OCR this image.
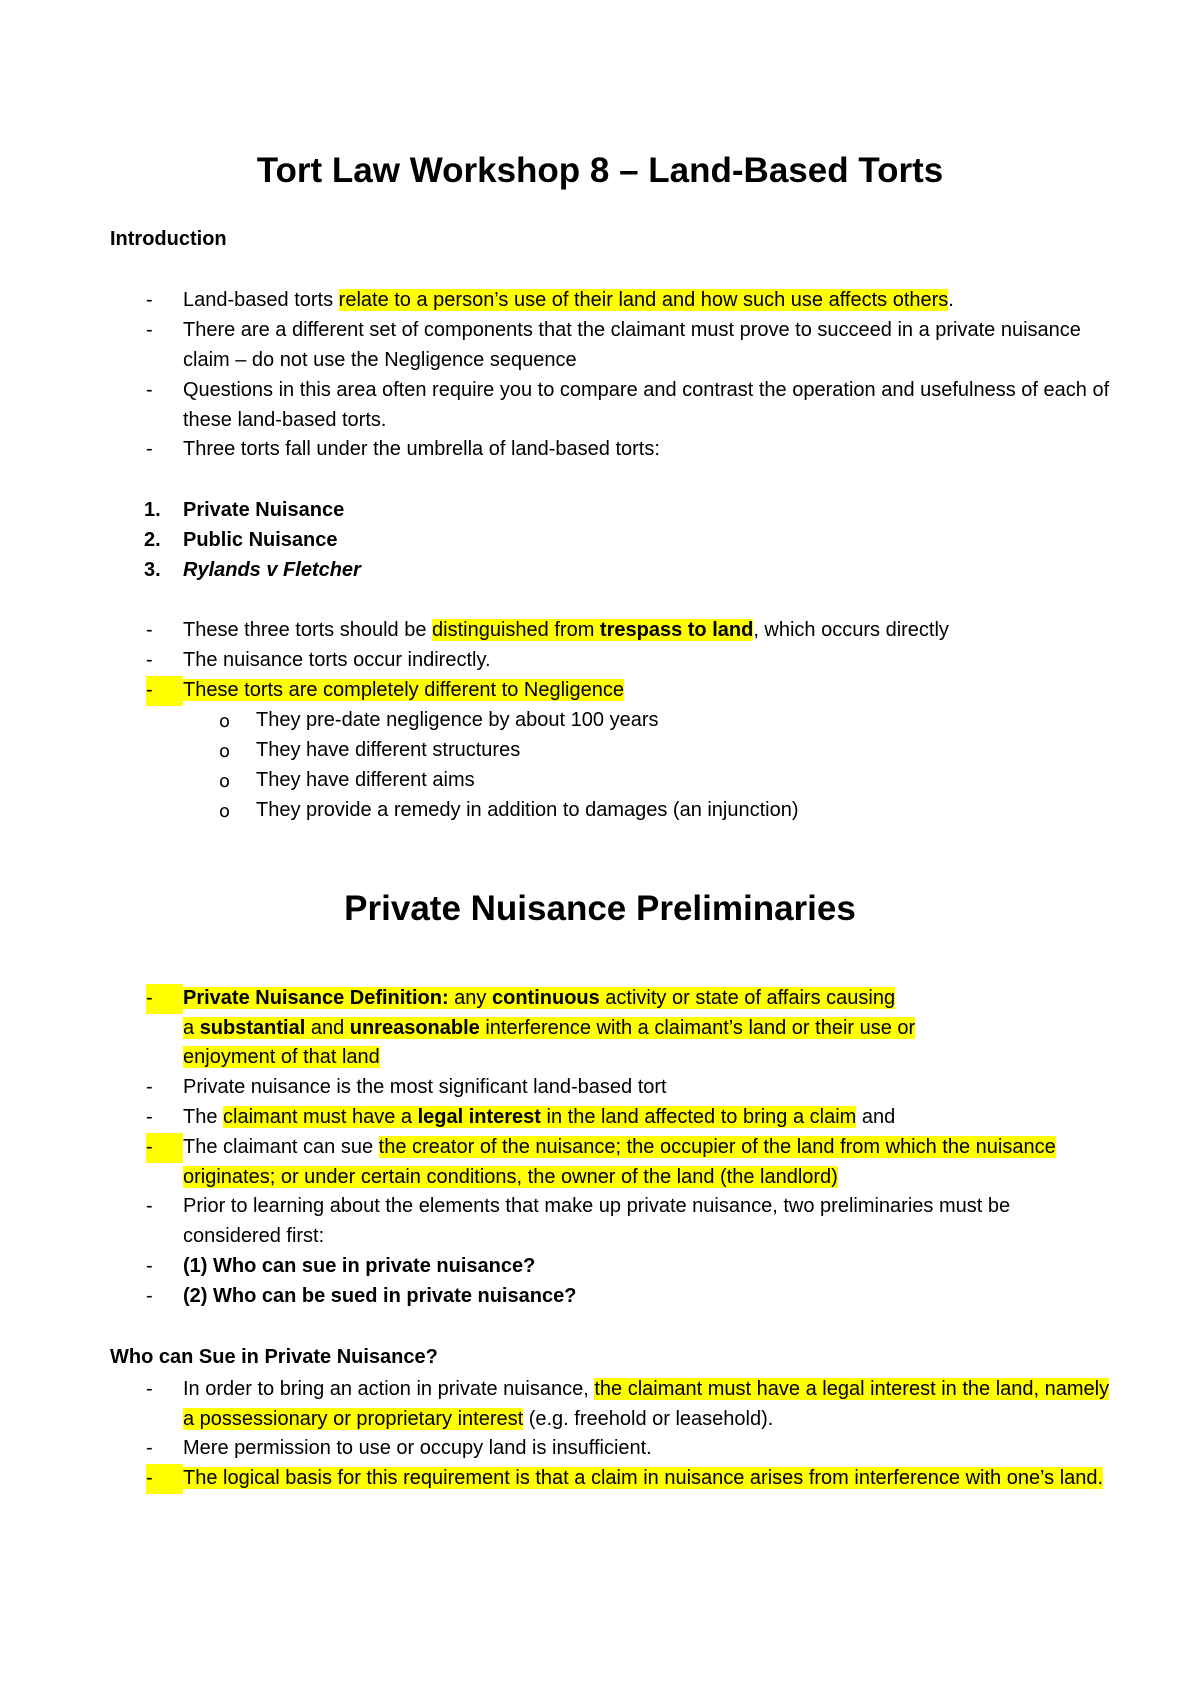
Tort Law Workshop 8 – Land-Based Torts

Introduction

- Land-based torts relate to a person’s use of their land and how such use affects others.

- There are a different set of components that the claimant must prove to succeed in a private nuisance claim – do not use the Negligence sequence

- Questions in this area often require you to compare and contrast the operation and usefulness of each of these land-based torts.

- Three torts fall under the umbrella of land-based torts:

1. Private Nuisance

2. Public Nuisance

3. Rylands v Fletcher

- These three torts should be distinguished from trespass to land, which occurs directly

- The nuisance torts occur indirectly.

-	These torts are completely different to Negligence

o They pre-date negligence by about 100 years

o They have different structures

o They have different aims

o They provide a remedy in addition to damages (an injunction)

Private Nuisance Preliminaries
-	Private Nuisance Definition: any continuous activity or state of affairs causing
a substantial and unreasonable interference with a claimant’s land or their use or
enjoyment of that land

- Private nuisance is the most significant land-based tort

- The claimant must have a legal interest in the land affected to bring a claim and

-	The claimant can sue the creator of the nuisance; the occupier of the land from which the nuisance originates; or under certain conditions, the owner of the land (the landlord)

- Prior to learning about the elements that make up private nuisance, two preliminaries must be considered first:

- (1) Who can sue in private nuisance?

- (2) Who can be sued in private nuisance?

Who can Sue in Private Nuisance?

- In order to bring an action in private nuisance, the claimant must have a legal interest in the land, namely a possessionary or proprietary interest (e.g. freehold or leasehold).

- Mere permission to use or occupy land is insufficient.

-	The logical basis for this requirement is that a claim in nuisance arises from interference with one’s land.
